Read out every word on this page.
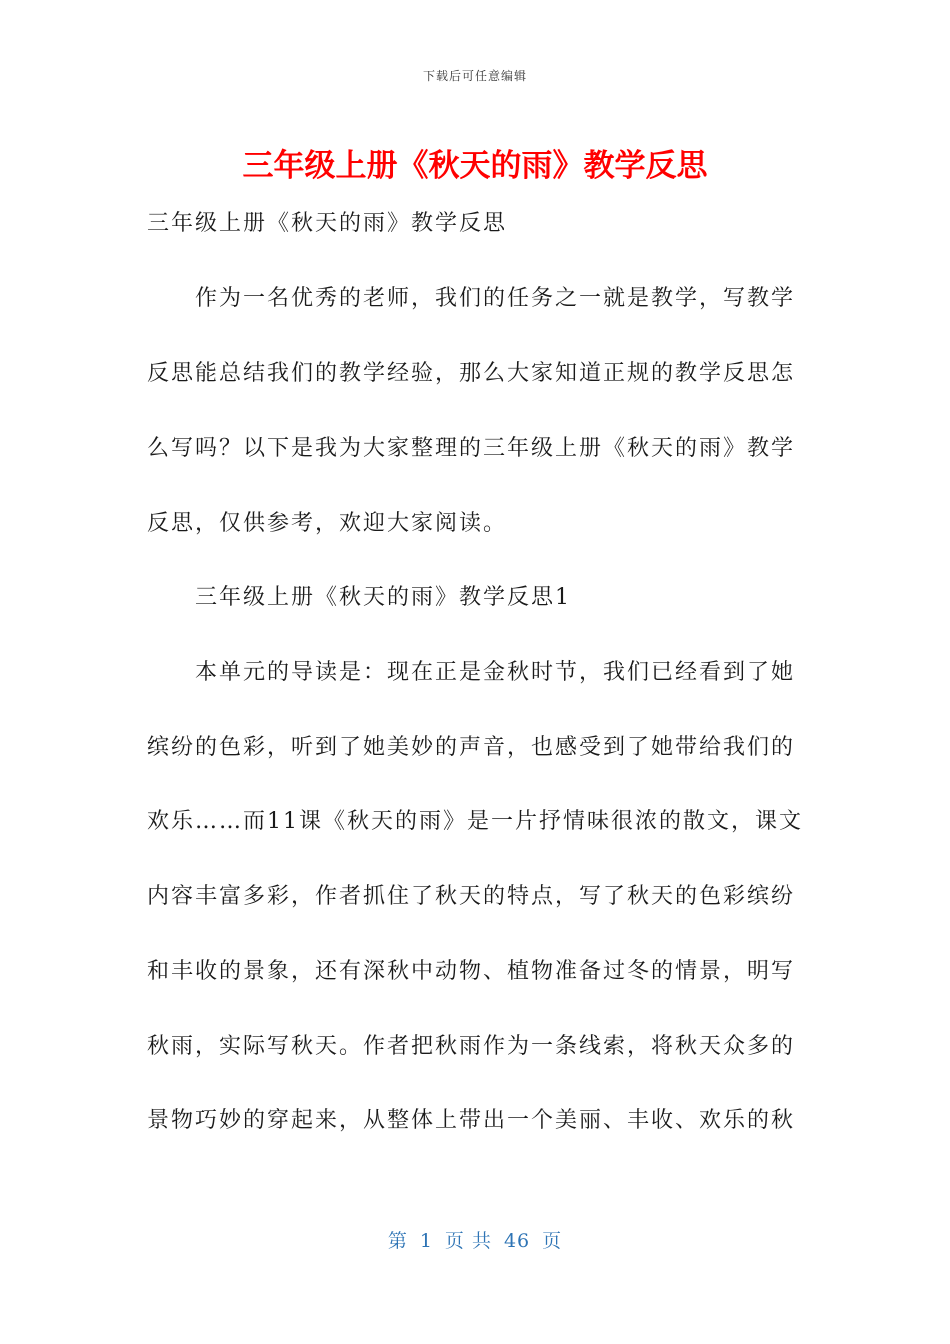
下载后可任意编辑
三年级上册《秋天的雨》教学反思
三年级上册《秋天的雨》教学反思
　　作为一名优秀的老师，我们的任务之一就是教学，写教学
反思能总结我们的教学经验，那么大家知道正规的教学反思怎
么写吗？以下是我为大家整理的三年级上册《秋天的雨》教学
反思，仅供参考，欢迎大家阅读。
　　三年级上册《秋天的雨》教学反思1
　　本单元的导读是：现在正是金秋时节，我们已经看到了她
缤纷的色彩，听到了她美妙的声音，也感受到了她带给我们的
欢乐……而11课《秋天的雨》是一片抒情味很浓的散文，课文
内容丰富多彩，作者抓住了秋天的特点，写了秋天的色彩缤纷
和丰收的景象，还有深秋中动物、植物准备过冬的情景，明写
秋雨，实际写秋天。作者把秋雨作为一条线索，将秋天众多的
景物巧妙的穿起来，从整体上带出一个美丽、丰收、欢乐的秋
第 1 页 共 46 页
